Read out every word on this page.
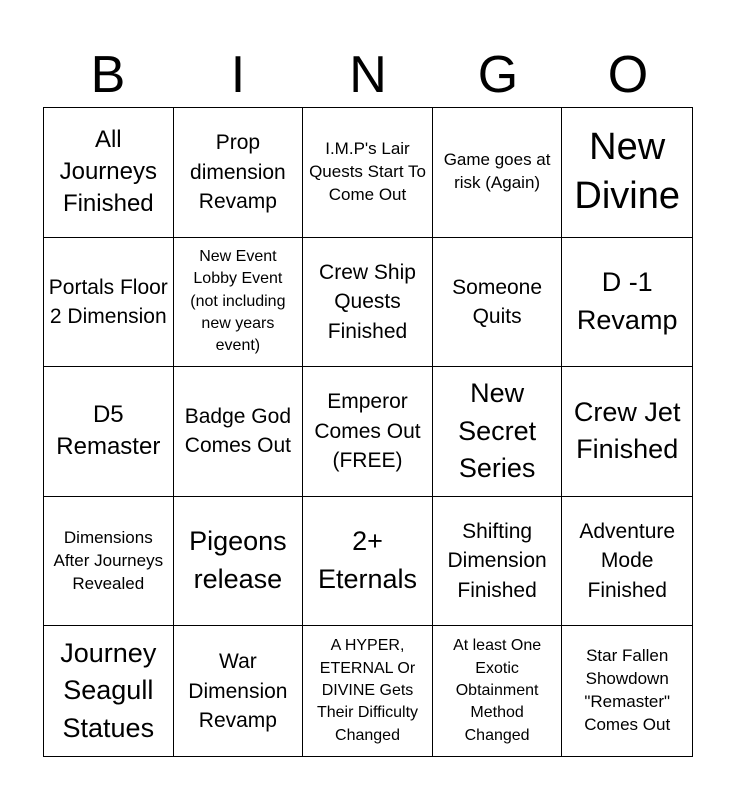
B	I	N	G	O
All Journeys Finished
Prop dimension Revamp
I.M.P's Lair Quests Start To Come Out
Game goes at risk (Again)
New Divine
Portals Floor 2 Dimension
New Event Lobby Event (not including new years event)
Crew Ship Quests Finished
Someone Quits
D -1 Revamp
D5 Remaster
Badge God Comes Out
Emperor Comes Out (FREE)
New Secret Series
Crew Jet Finished
Dimensions After Journeys Revealed
Pigeons release
2+ Eternals
Shifting Dimension Finished
Adventure Mode Finished
Journey Seagull Statues
War Dimension Revamp
A HYPER, ETERNAL Or DIVINE Gets Their Difficulty Changed
At least One Exotic Obtainment Method Changed
Star Fallen Showdown "Remaster" Comes Out
